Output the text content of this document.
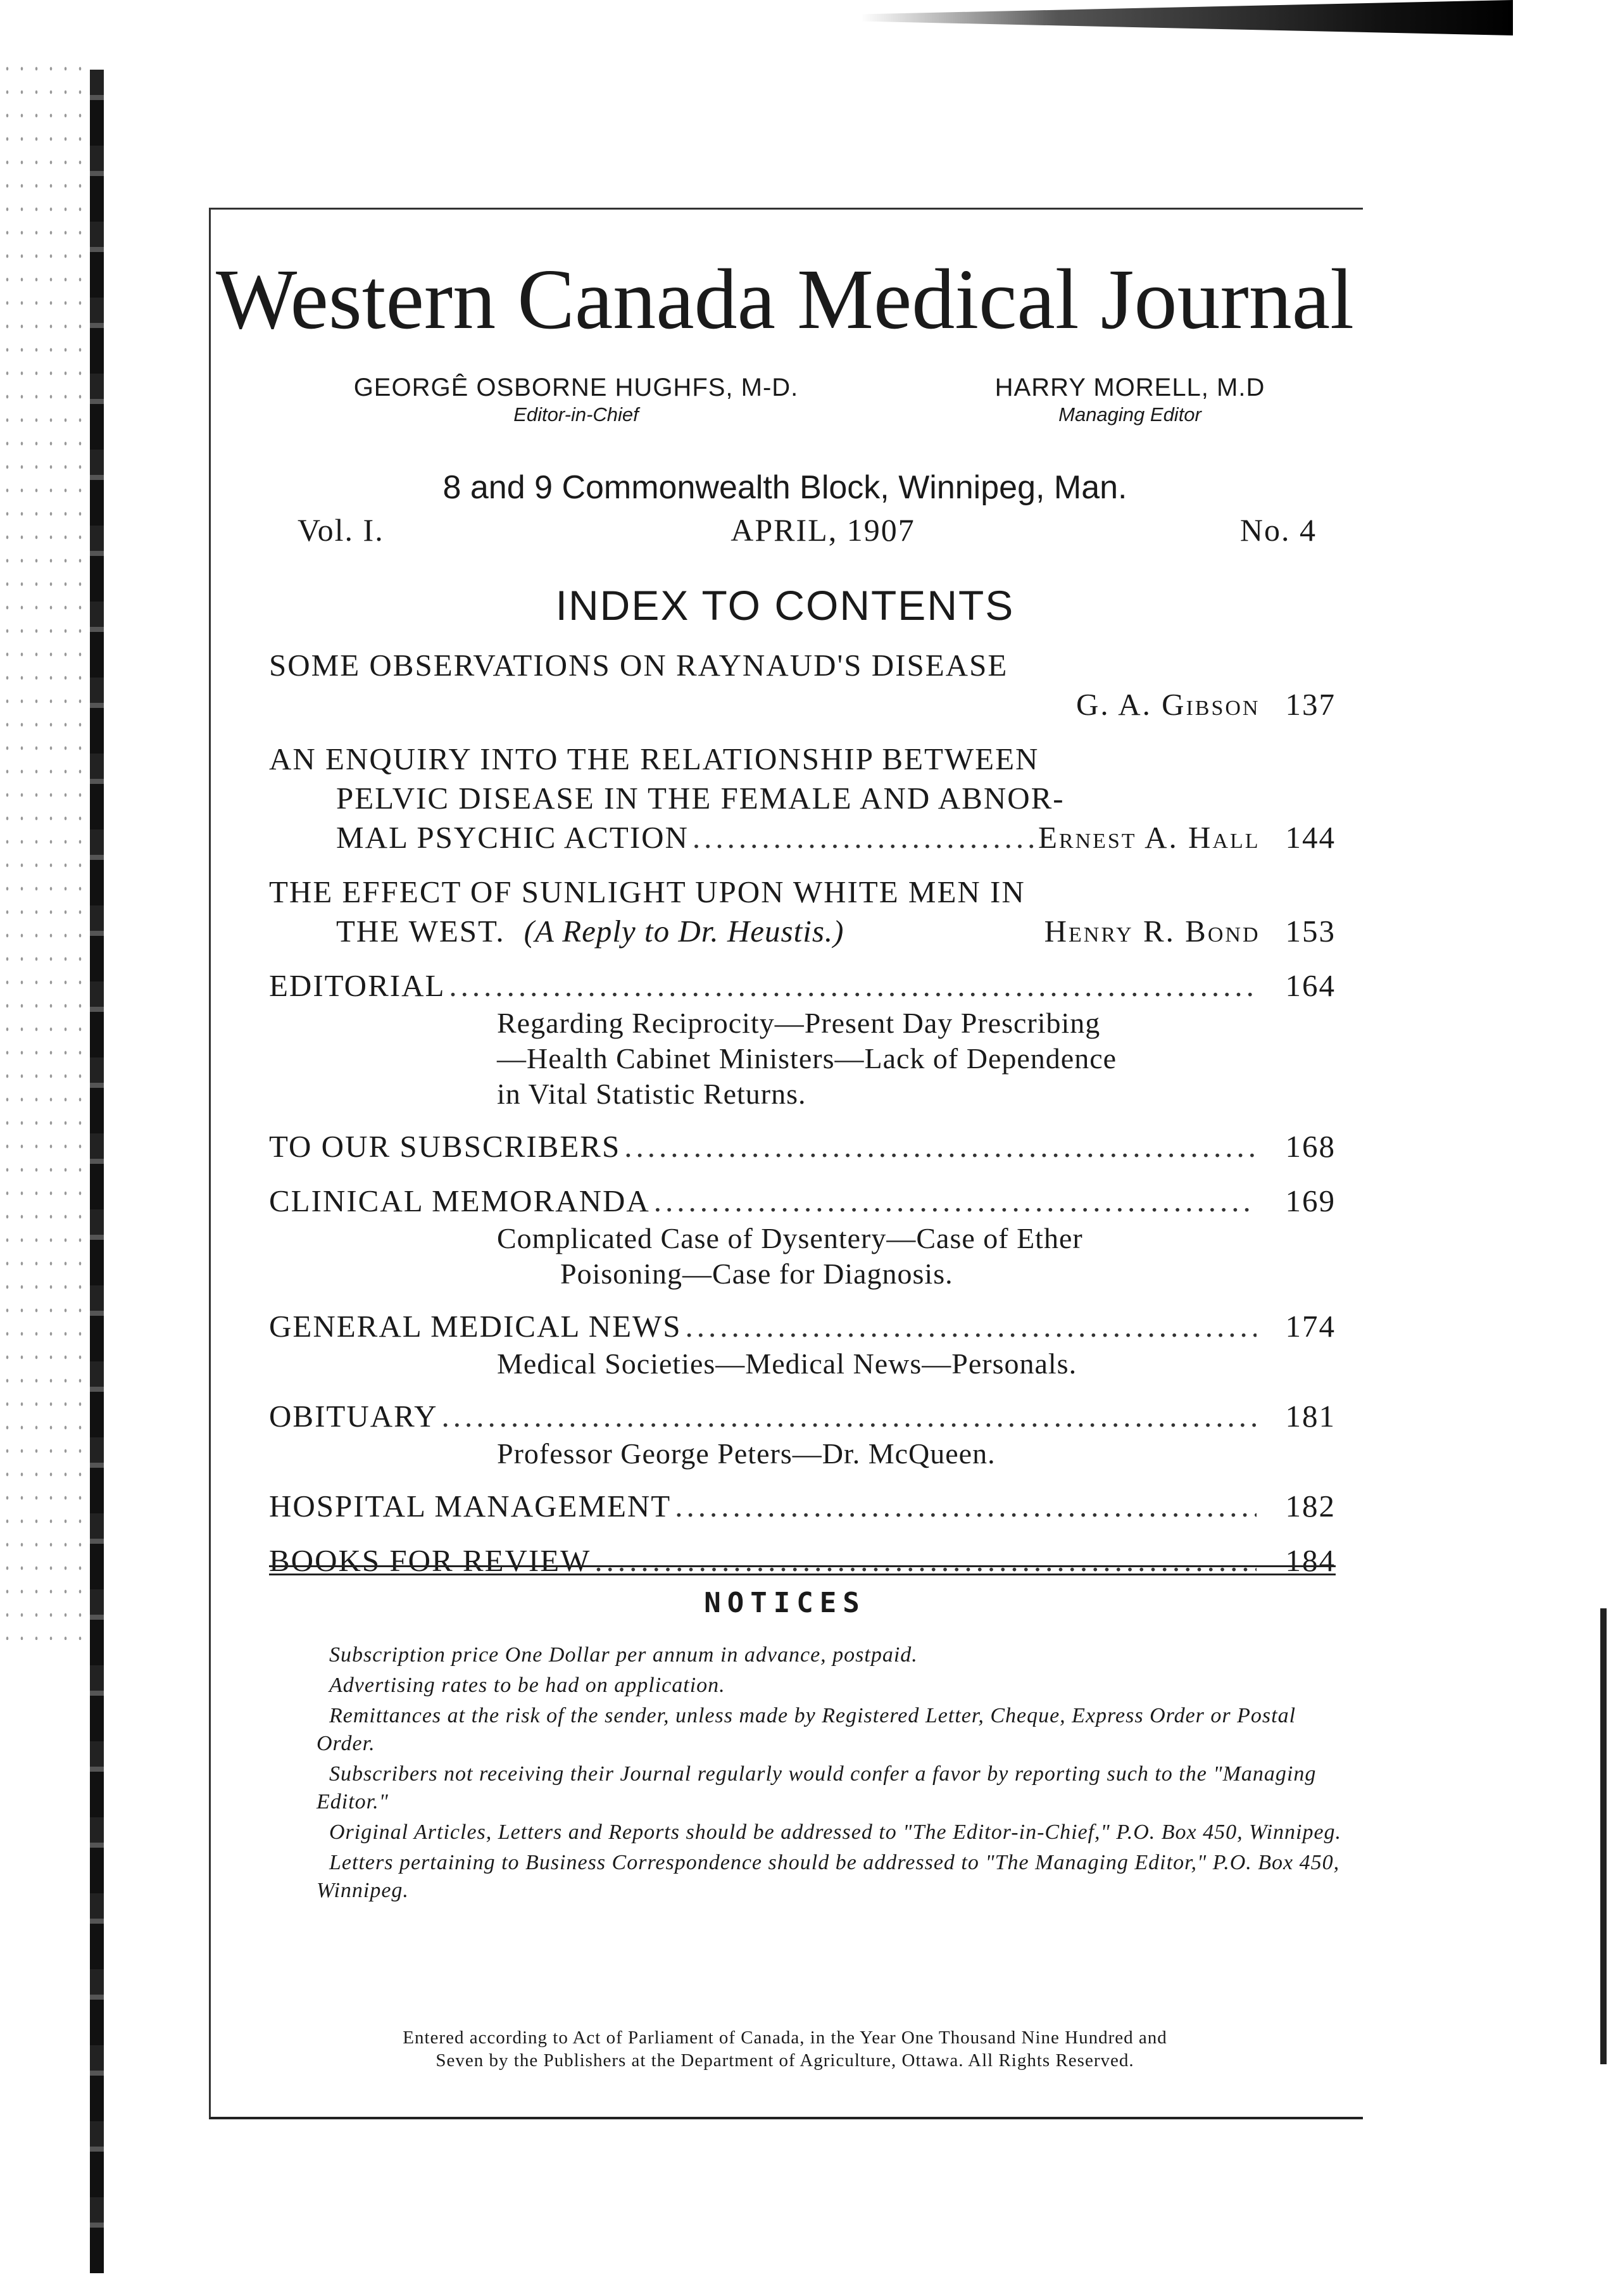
Western Canada Medical Journal
GEORGÊ OSBORNE HUGHFS, M-D.
Editor-in-Chief
HARRY MORELL, M.D
Managing Editor
8 and 9 Commonwealth Block, Winnipeg, Man.
Vol. I.	APRIL, 1907	No. 4
INDEX TO CONTENTS
SOME OBSERVATIONS ON RAYNAUD'S DISEASE
G. A. Gibson 137
AN ENQUIRY INTO THE RELATIONSHIP BETWEEN
PELVIC DISEASE IN THE FEMALE AND ABNOR-
MAL PSYCHIC ACTION .....	Ernest A. Hall 144
THE EFFECT OF SUNLIGHT UPON WHITE MEN IN
THE WEST. (A Reply to Dr. Heustis.)	Henry R. Bond 153
EDITORIAL .....	164
Regarding Reciprocity—Present Day Prescribing
—Health Cabinet Ministers—Lack of Dependence
in Vital Statistic Returns.
TO OUR SUBSCRIBERS .....	168
CLINICAL MEMORANDA .....	169
Complicated Case of Dysentery—Case of Ether
Poisoning—Case for Diagnosis.
GENERAL MEDICAL NEWS .....	174
Medical Societies—Medical News—Personals.
OBITUARY .....	181
Professor George Peters—Dr. McQueen.
HOSPITAL MANAGEMENT .....	182
BOOKS FOR REVIEW .....	184
NOTICES
Subscription price One Dollar per annum in advance, postpaid.
Advertising rates to be had on application.
Remittances at the risk of the sender, unless made by Registered Letter, Cheque, Express Order or Postal Order.
Subscribers not receiving their Journal regularly would confer a favor by reporting such to the "Managing Editor."
Original Articles, Letters and Reports should be addressed to "The Editor-in-Chief," P.O. Box 450, Winnipeg.
Letters pertaining to Business Correspondence should be addressed to "The Managing Editor," P.O. Box 450, Winnipeg.
Entered according to Act of Parliament of Canada, in the Year One Thousand Nine Hundred and
Seven by the Publishers at the Department of Agriculture, Ottawa. All Rights Reserved.
